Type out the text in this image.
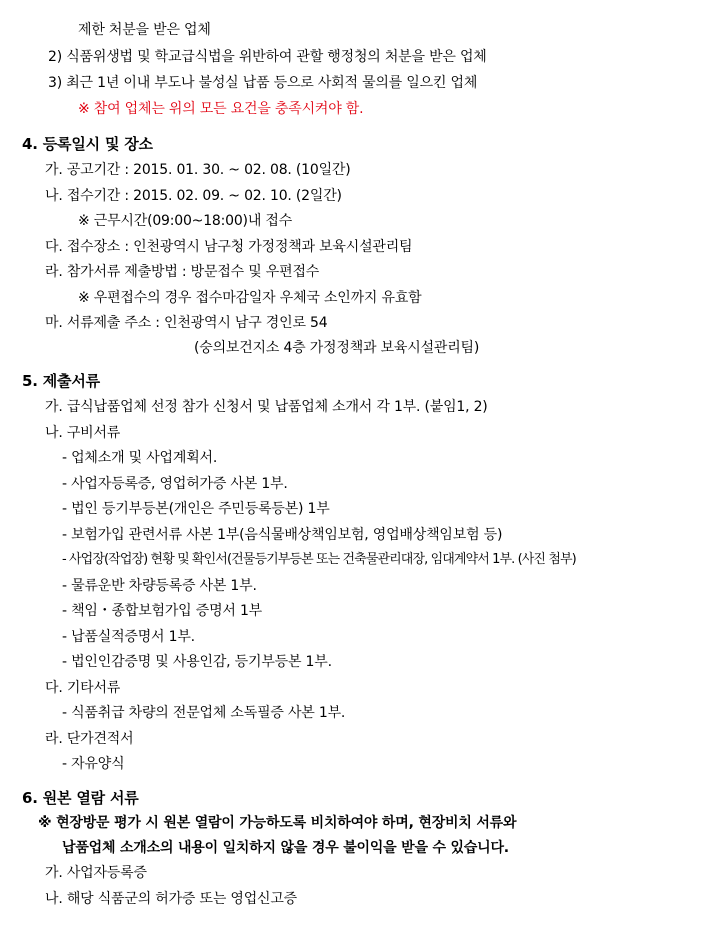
제한 처분을 받은 업체
2) 식품위생법 및 학교급식법을 위반하여 관할 행정청의 처분을 받은 업체
3) 최근 1년 이내 부도나 불성실 납품 등으로 사회적 물의를 일으킨 업체
※ 참여 업체는 위의 모든 요건을 충족시켜야 함.
4. 등록일시 및 장소
가. 공고기간 : 2015. 01. 30. ~ 02. 08. (10일간)
나. 접수기간 : 2015. 02. 09. ~ 02. 10. (2일간)
※ 근무시간(09:00~18:00)내 접수
다. 접수장소 : 인천광역시 남구청 가정정책과 보육시설관리팀
라. 참가서류 제출방법 : 방문접수 및 우편접수
※ 우편접수의 경우 접수마감일자 우체국 소인까지 유효함
마. 서류제출 주소 : 인천광역시 남구 경인로 54
(숭의보건지소 4층 가정정책과 보육시설관리팀)
5. 제출서류
가. 급식납품업체 선정 참가 신청서 및 납품업체 소개서 각 1부. (붙임1, 2)
나. 구비서류
- 업체소개 및 사업계획서.
- 사업자등록증, 영업허가증 사본 1부.
- 법인 등기부등본(개인은 주민등록등본) 1부
- 보험가입 관련서류 사본 1부(음식물배상책임보험, 영업배상책임보험 등)
- 사업장(작업장) 현황 및 확인서(건물등기부등본 또는 건축물관리대장, 임대계약서 1부. (사진 첨부)
- 물류운반 차량등록증 사본 1부.
- 책임・종합보험가입 증명서 1부
- 납품실적증명서 1부.
- 법인인감증명 및 사용인감, 등기부등본 1부.
다. 기타서류
- 식품취급 차량의 전문업체 소독필증 사본 1부.
라. 단가견적서
- 자유양식
6. 원본 열람 서류
※ 현장방문 평가 시 원본 열람이 가능하도록 비치하여야 하며, 현장비치 서류와
납품업체 소개소의 내용이 일치하지 않을 경우 불이익을 받을 수 있습니다.
가. 사업자등록증
나. 해당 식품군의 허가증 또는 영업신고증
